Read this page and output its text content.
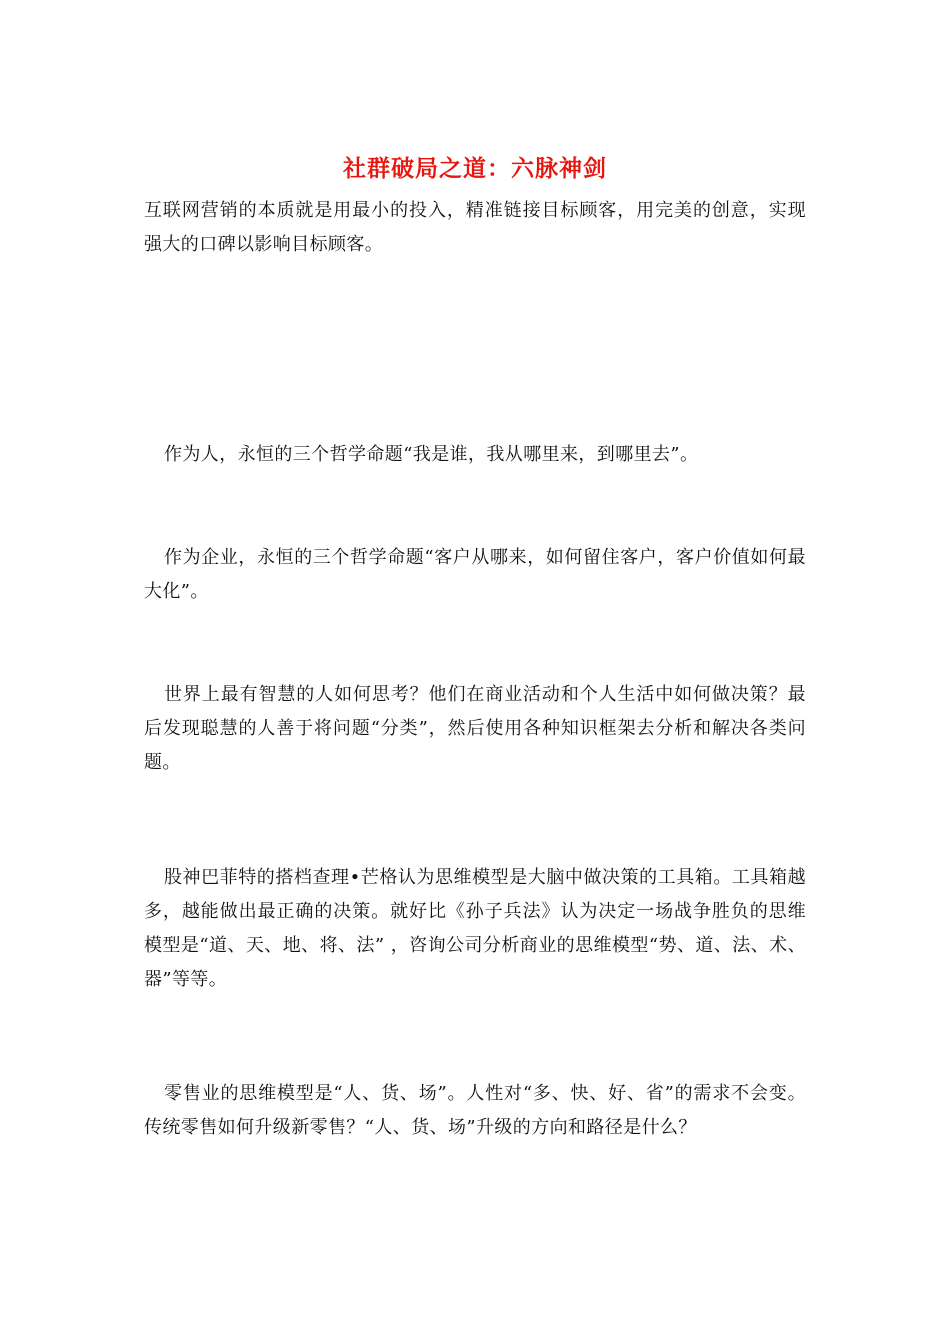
社群破局之道：六脉神剑

互联网营销的本质就是用最小的投入，精准链接目标顾客，用完美的创意，实现强大的口碑以影响目标顾客。

作为人，永恒的三个哲学命题“我是谁，我从哪里来，到哪里去”。

作为企业，永恒的三个哲学命题“客户从哪来，如何留住客户，客户价值如何最大化”。

世界上最有智慧的人如何思考？他们在商业活动和个人生活中如何做决策？最后发现聪慧的人善于将问题“分类”，然后使用各种知识框架去分析和解决各类问题。

股神巴菲特的搭档查理•芒格认为思维模型是大脑中做决策的工具箱。工具箱越多，越能做出最正确的决策。就好比《孙子兵法》认为决定一场战争胜负的思维模型是“道、天、地、将、法” ，咨询公司分析商业的思维模型“势、道、法、术、器”等等。

零售业的思维模型是“人、货、场”。人性对“多、快、好、省”的需求不会变。传统零售如何升级新零售？“人、货、场”升级的方向和路径是什么？
